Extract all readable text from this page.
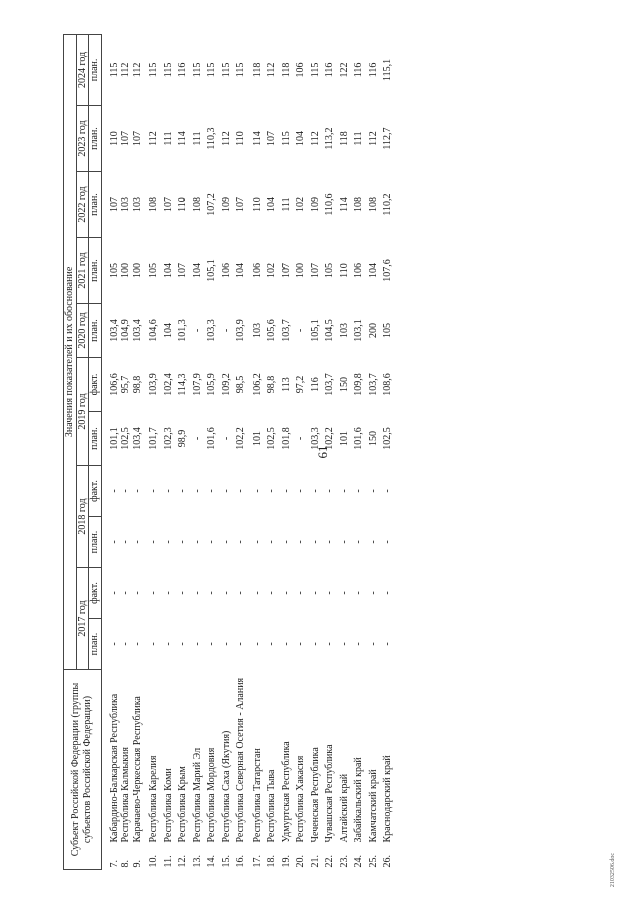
61
Субъект Российской Федерации (группы субъектов Российской Федерации)		Значения показателей и их обоснование										
		2017 год		2018 год		2019 год		2020 год	2021 год	2022 год	2023 год	2024 год
								план.	план.	план.	план.	план.
		план.	факт.	план.	факт.	план.	факт.					
7.	Кабардино-Балкарская Республика	-	-	-	-	101,1	106,6	103,4	105	107	110	115
8.	Республика Калмыкия	-	-	-	-	102,5	95,7	104,9	100	103	107	112
9.	Карачаево-Черкесская Республика	-	-	-	-	103,4	98,8	103,4	100	103	107	112
10.	Республика Карелия	-	-	-	-	101,7	103,9	104,6	105	108	112	115
11.	Республика Коми	-	-	-	-	102,3	102,4	104	104	107	111	115
12.	Республика Крым	-	-	-	-	98,9	114,3	101,3	107	110	114	116
13.	Республика Марий Эл	-	-	-	-	-	107,9	-	104	108	111	115
14.	Республика Мордовия	-	-	-	-	101,6	105,9	103,3	105,1	107,2	110,3	115
15.	Республика Саха (Якутия)	-	-	-	-	-	109,2	-	106	109	112	115
16.	Республика Северная Осетия - Алания	-	-	-	-	102,2	98,5	103,9	104	107	110	115
17.	Республика Татарстан	-	-	-	-	101	106,2	103	106	110	114	118
18.	Республика Тыва	-	-	-	-	102,5	98,8	105,6	102	104	107	112
19.	Удмуртская Республика	-	-	-	-	101,8	113	103,7	107	111	115	118
20.	Республика Хакасия	-	-	-	-	-	97,2	-	100	102	104	106
21.	Чеченская Республика	-	-	-	-	103,3	116	105,1	107	109	112	115
22.	Чувашская Республика	-	-	-	-	102,2	103,7	104,5	105	110,6	113,2	116
23.	Алтайский край	-	-	-	-	101	150	103	110	114	118	122
24.	Забайкальский край	-	-	-	-	101,6	109,8	103,1	106	108	111	116
25.	Камчатский край	-	-	-	-	150	103,7	200	104	108	112	116
26.	Краснодарский край	-	-	-	-	102,5	108,6	105	107,6	110,2	112,7	115,1
21032506.doc
